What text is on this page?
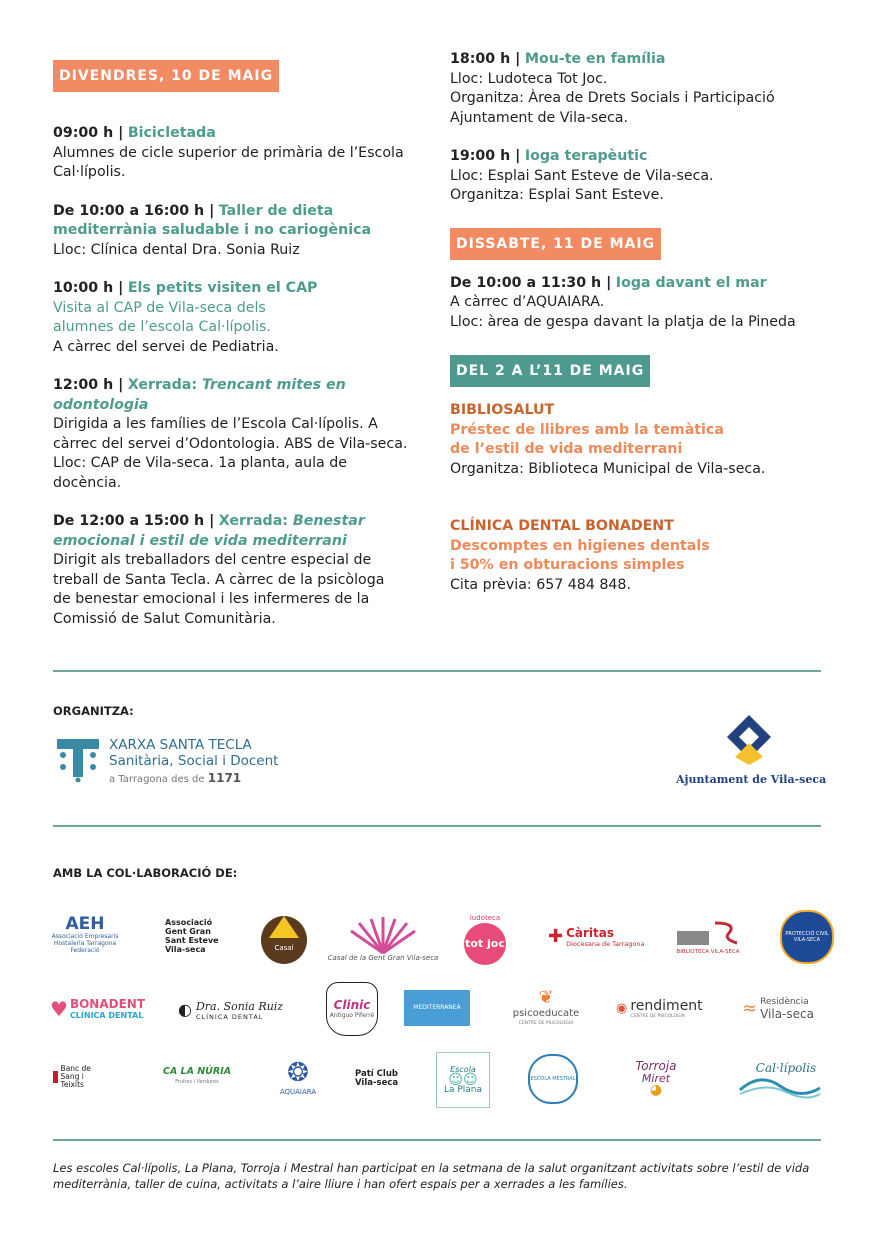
DIVENDRES, 10 DE MAIG
09:00 h | Bicicletada
Alumnes de cicle superior de primària de l’Escola
Cal·lípolis.
De 10:00 a 16:00 h | Taller de dieta
mediterrània saludable i no cariogènica
Lloc: Clínica dental Dra. Sonia Ruiz
10:00 h | Els petits visiten el CAP
Visita al CAP de Vila-seca dels
alumnes de l’escola Cal·lípolis.
A càrrec del servei de Pediatria.
12:00 h | Xerrada: Trencant mites en odontologia
Dirigida a les famílies de l’Escola Cal·lípolis. A
càrrec del servei d’Odontologia. ABS de Vila-seca.
Lloc: CAP de Vila-seca. 1a planta, aula de
docència.
De 12:00 a 15:00 h | Xerrada: Benestar
emocional i estil de vida mediterrani
Dirigit als treballadors del centre especial de
treball de Santa Tecla. A càrrec de la psicòloga
de benestar emocional i les infermeres de la
Comissió de Salut Comunitària.
18:00 h | Mou-te en família
Lloc: Ludoteca Tot Joc.
Organitza: Àrea de Drets Socials i Participació
Ajuntament de Vila-seca.
19:00 h | Ioga terapèutic
Lloc: Esplai Sant Esteve de Vila-seca.
Organitza: Esplai Sant Esteve.
DISSABTE, 11 DE MAIG
De 10:00 a 11:30 h | Ioga davant el mar
A càrrec d’AQUAIARA.
Lloc: àrea de gespa davant la platja de la Pineda
DEL 2 A L’11 DE MAIG
BIBLIOSALUT
Préstec de llibres amb la temàtica
de l’estil de vida mediterrani
Organitza: Biblioteca Municipal de Vila-seca.
CLÍNICA DENTAL BONADENT
Descomptes en higienes dentals
i 50% en obturacions simples
Cita prèvia: 657 484 848.
ORGANITZA:
XARXA SANTA TECLA
Sanitària, Social i Docent
a Tarragona des de 1171	Ajuntament de Vila-seca
AMB LA COL·LABORACIÓ DE:
AEH
Associació Empresaris Hostaleria Tarragona Federació
Associació Gent Gran Sant Esteve Vila-seca	Casal
Casal de la Gent Gran Vila-seca
ludoteca
tot joc ✚ Càritas
Diocesana de Tarragona
BIBLIOTECA VILA-SECA
PROTECCIÓ CIVIL VILA-SECA
♥ BONADENT
CLÍNICA DENTAL ◐ Dra. Sonia Ruiz
CLÍNICA DENTAL
Clinic
Antiguo Piferré
MEDITERRANEA	❦
psicoeducate
CENTRE DE PSICOLOGIA
◉ rendiment
CENTRE DE PSICOLOGIA	≈ Residència
Vila-seca
Banc de Sang i Teixits
CA LA NÚRIA
Fruites i Verdures	❂
AQUAIARA
Patí Club Vila-seca
Escola
☺☺
La Plana
ESCOLA MESTRAL
Torroja
Miret
◕
Cal·lípolis
Les escoles Cal·lípolis, La Plana, Torroja i Mestral han participat en la setmana de la salut organitzant activitats sobre l’estil de vida mediterrània, taller de cuina, activitats a l’aire lliure i han ofert espais per a xerrades a les famílies.
